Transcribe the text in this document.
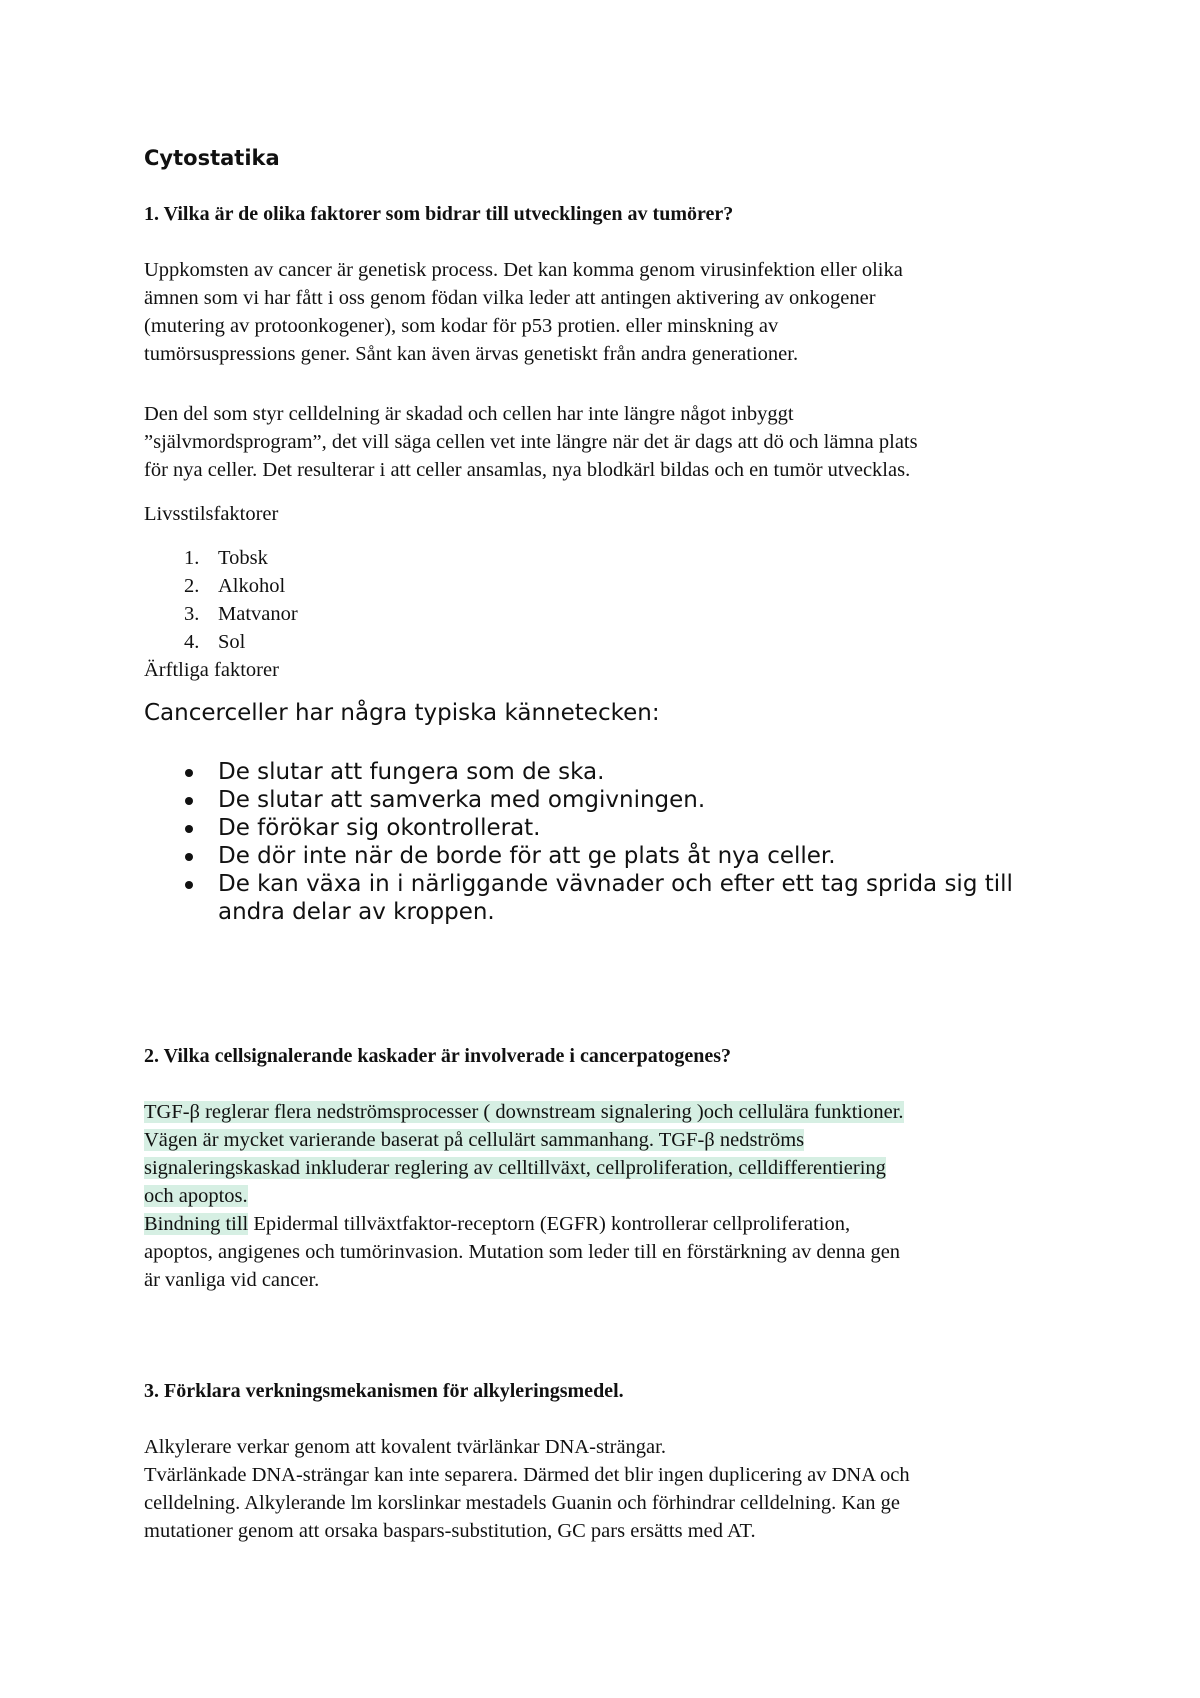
Cytostatika
1. Vilka är de olika faktorer som bidrar till utvecklingen av tumörer?

Uppkomsten av cancer är genetisk process. Det kan komma genom virusinfektion eller olika

ämnen som vi har fått i oss genom födan vilka leder att antingen aktivering av onkogener

(mutering av protoonkogener), som kodar för p53 protien. eller minskning av

tumörsuspressions gener. Sånt kan även ärvas genetiskt från andra generationer.

Den del som styr celldelning är skadad och cellen har inte längre något inbyggt

”självmordsprogram”, det vill säga cellen vet inte längre när det är dags att dö och lämna plats

för nya celler. Det resulterar i att celler ansamlas, nya blodkärl bildas och en tumör utvecklas.

Livsstilsfaktorer
1. Tobsk
2. Alkohol
3. Matvanor
4. Sol
Ärftliga faktorer
Cancerceller har några typiska kännetecken:
De slutar att fungera som de ska.
De slutar att samverka med omgivningen.
De förökar sig okontrollerat.
De dör inte när de borde för att ge plats åt nya celler.
De kan växa in i närliggande vävnader och efter ett tag sprida sig till
andra delar av kroppen.
2. Vilka cellsignalerande kaskader är involverade i cancerpatogenes?

TGF-β reglerar flera nedströmsprocesser ( downstream signalering )och cellulära funktioner.

Vägen är mycket varierande baserat på cellulärt sammanhang. TGF-β nedströms

signaleringskaskad inkluderar reglering av celltillväxt, cellproliferation, celldifferentiering

och apoptos.

Bindning till Epidermal tillväxtfaktor-receptorn (EGFR) kontrollerar cellproliferation,

apoptos, angigenes och tumörinvasion. Mutation som leder till en förstärkning av denna gen

är vanliga vid cancer.

3. Förklara verkningsmekanismen för alkyleringsmedel.

Alkylerare verkar genom att kovalent tvärlänkar DNA-strängar.

Tvärlänkade DNA-strängar kan inte separera. Därmed det blir ingen duplicering av DNA och

celldelning. Alkylerande lm korslinkar mestadels Guanin och förhindrar celldelning. Kan ge

mutationer genom att orsaka baspars-substitution, GC pars ersätts med AT.
